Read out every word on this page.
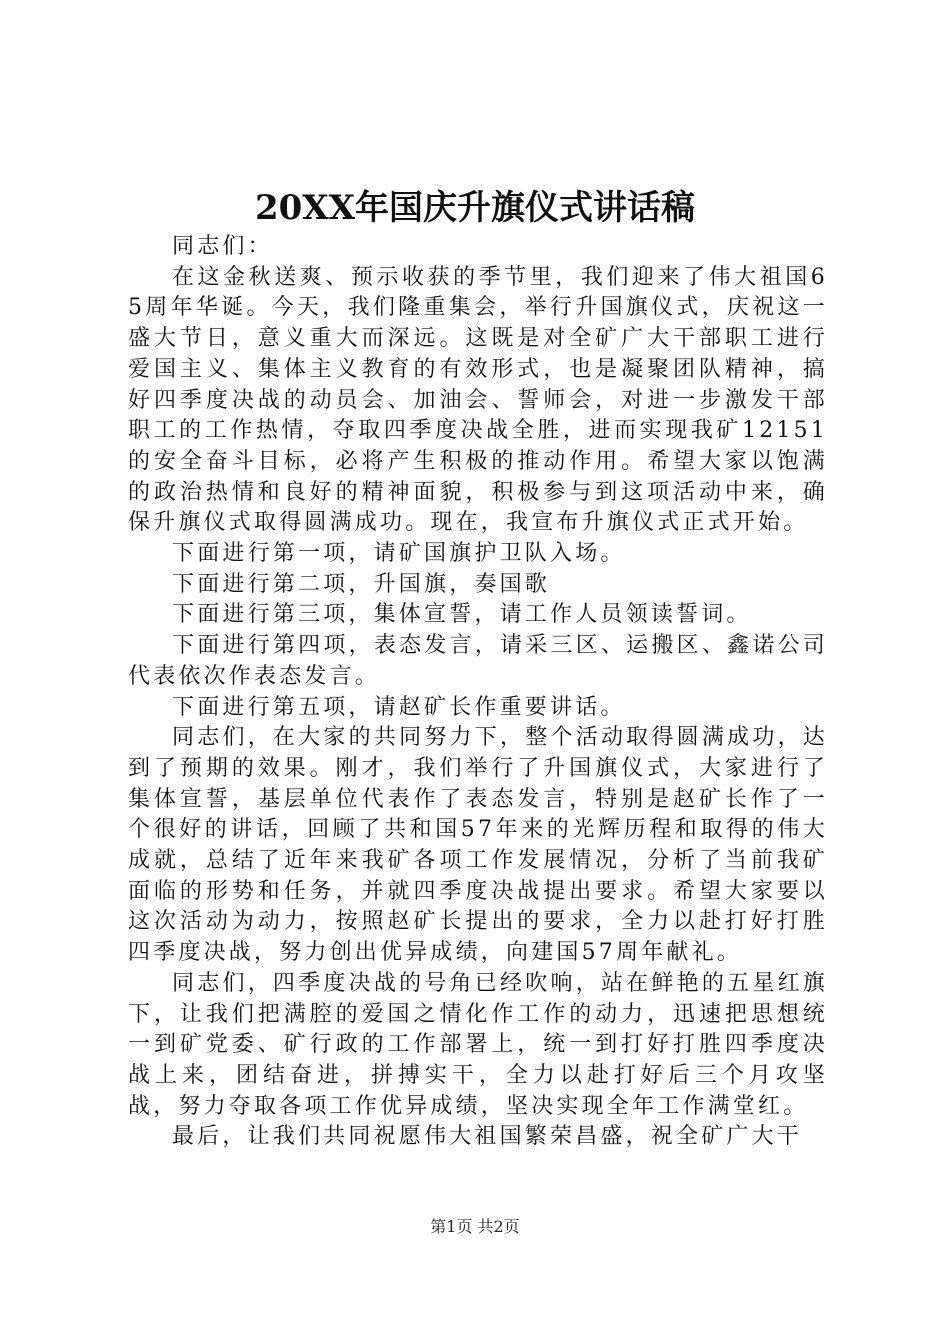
20XX年国庆升旗仪式讲话稿

同志们：

在这金秋送爽、预示收获的季节里，我们迎来了伟大祖国65周年华诞。今天，我们隆重集会，举行升国旗仪式，庆祝这一盛大节日，意义重大而深远。这既是对全矿广大干部职工进行爱国主义、集体主义教育的有效形式，也是凝聚团队精神，搞好四季度决战的动员会、加油会、誓师会，对进一步激发干部职工的工作热情，夺取四季度决战全胜，进而实现我矿12151的安全奋斗目标，必将产生积极的推动作用。希望大家以饱满的政治热情和良好的精神面貌，积极参与到这项活动中来，确保升旗仪式取得圆满成功。现在，我宣布升旗仪式正式开始。

下面进行第一项，请矿国旗护卫队入场。

下面进行第二项，升国旗，奏国歌

下面进行第三项，集体宣誓，请工作人员领读誓词。

下面进行第四项，表态发言，请采三区、运搬区、鑫诺公司代表依次作表态发言。

下面进行第五项，请赵矿长作重要讲话。

同志们，在大家的共同努力下，整个活动取得圆满成功，达到了预期的效果。刚才，我们举行了升国旗仪式，大家进行了集体宣誓，基层单位代表作了表态发言，特别是赵矿长作了一个很好的讲话，回顾了共和国57年来的光辉历程和取得的伟大成就，总结了近年来我矿各项工作发展情况，分析了当前我矿面临的形势和任务，并就四季度决战提出要求。希望大家要以这次活动为动力，按照赵矿长提出的要求，全力以赴打好打胜四季度决战，努力创出优异成绩，向建国57周年献礼。

同志们，四季度决战的号角已经吹响，站在鲜艳的五星红旗下，让我们把满腔的爱国之情化作工作的动力，迅速把思想统一到矿党委、矿行政的工作部署上，统一到打好打胜四季度决战上来，团结奋进，拼搏实干，全力以赴打好后三个月攻坚战，努力夺取各项工作优异成绩，坚决实现全年工作满堂红。

最后，让我们共同祝愿伟大祖国繁荣昌盛，祝全矿广大干

第1页 共2页
